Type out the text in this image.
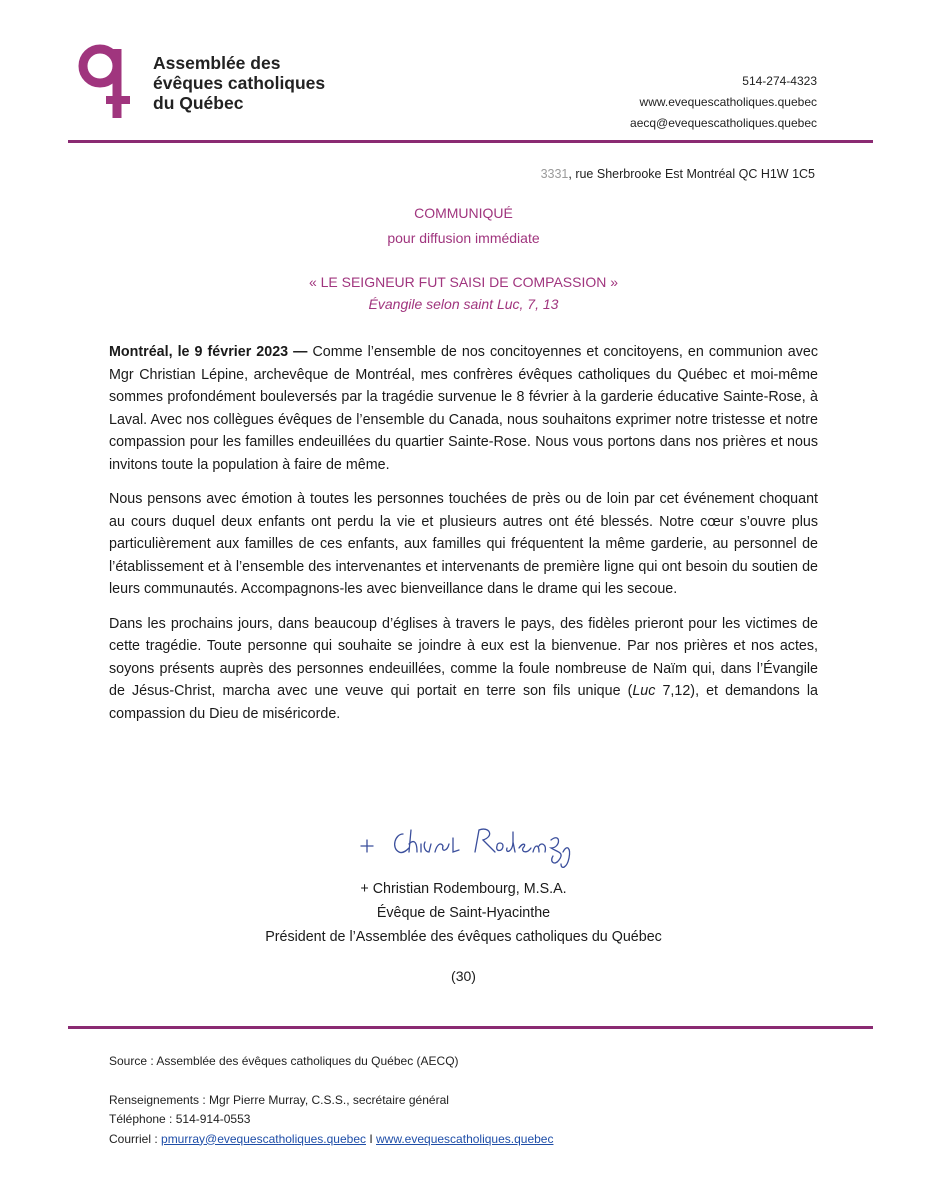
Assemblée des
évêques catholiques
du Québec
514-274-4323
www.evequescatholiques.quebec
aecq@evequescatholiques.quebec
3331, rue Sherbrooke Est Montréal QC H1W 1C5
COMMUNIQUÉ
pour diffusion immédiate
« LE SEIGNEUR FUT SAISI DE COMPASSION »
Évangile selon saint Luc, 7, 13

Montréal, le 9 février 2023 — Comme l’ensemble de nos concitoyennes et concitoyens, en communion avec Mgr Christian Lépine, archevêque de Montréal, mes confrères évêques catholiques du Québec et moi-même sommes profondément bouleversés par la tragédie survenue le 8 février à la garderie éducative Sainte-Rose, à Laval. Avec nos collègues évêques de l’ensemble du Canada, nous souhaitons exprimer notre tristesse et notre compassion pour les familles endeuillées du quartier Sainte-Rose. Nous vous portons dans nos prières et nous invitons toute la population à faire de même.

Nous pensons avec émotion à toutes les personnes touchées de près ou de loin par cet événement choquant au cours duquel deux enfants ont perdu la vie et plusieurs autres ont été blessés. Notre cœur s’ouvre plus particulièrement aux familles de ces enfants, aux familles qui fréquentent la même garderie, au personnel de l’établissement et à l’ensemble des intervenantes et intervenants de première ligne qui ont besoin du soutien de leurs communautés. Accompagnons-les avec bienveillance dans le drame qui les secoue.

Dans les prochains jours, dans beaucoup d’églises à travers le pays, des fidèles prieront pour les victimes de cette tragédie. Toute personne qui souhaite se joindre à eux est la bienvenue. Par nos prières et nos actes, soyons présents auprès des personnes endeuillées, comme la foule nombreuse de Naïm qui, dans l’Évangile de Jésus-Christ, marcha avec une veuve qui portait en terre son fils unique (Luc 7,12), et demandons la compassion du Dieu de miséricorde.

+ Christian Rodembourg, M.S.A.
Évêque de Saint-Hyacinthe
Président de l’Assemblée des évêques catholiques du Québec
(30)
Source : Assemblée des évêques catholiques du Québec (AECQ)
Renseignements : Mgr Pierre Murray, C.S.S., secrétaire général
Téléphone : 514-914-0553
Courriel : pmurray@evequescatholiques.quebec I www.evequescatholiques.quebec
